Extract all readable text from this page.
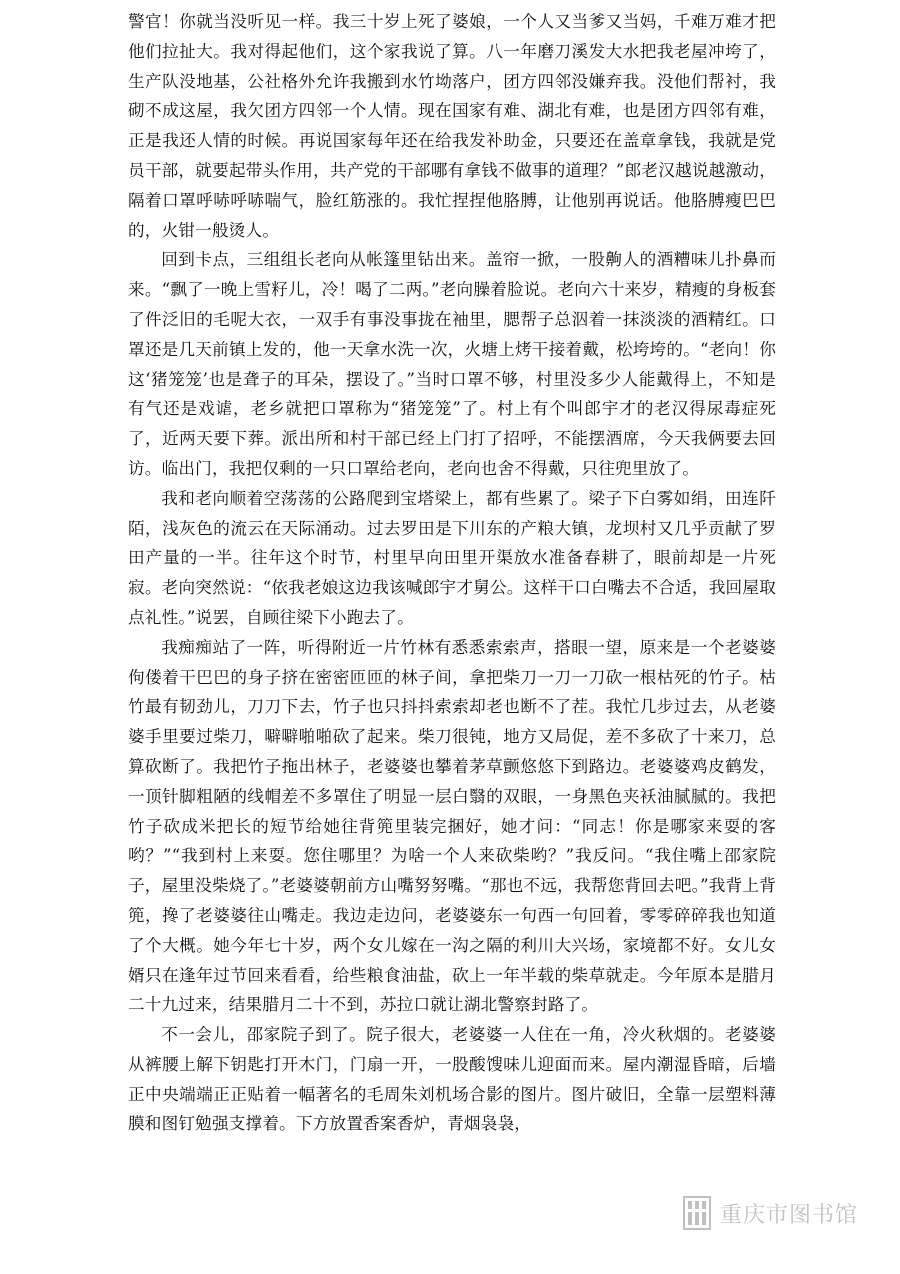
警官！你就当没听见一样。我三十岁上死了婆娘，一个人又当爹又当妈，千难万难才把他们拉扯大。我对得起他们，这个家我说了算。八一年磨刀溪发大水把我老屋冲垮了，生产队没地基，公社格外允许我搬到水竹坳落户，团方四邻没嫌弃我。没他们帮衬，我砌不成这屋，我欠团方四邻一个人情。现在国家有难、湖北有难，也是团方四邻有难，正是我还人情的时候。再说国家每年还在给我发补助金，只要还在盖章拿钱，我就是党员干部，就要起带头作用，共产党的干部哪有拿钱不做事的道理？”郎老汉越说越激动，隔着口罩呼哧呼哧喘气，脸红筋涨的。我忙捏捏他胳膊，让他别再说话。他胳膊瘦巴巴的，火钳一般烫人。

回到卡点，三组组长老向从帐篷里钻出来。盖帘一掀，一股齁人的酒糟味儿扑鼻而来。“飘了一晚上雪籽儿，冷！喝了二两。”老向臊着脸说。老向六十来岁，精瘦的身板套了件泛旧的毛呢大衣，一双手有事没事拢在袖里，腮帮子总泅着一抹淡淡的酒精红。口罩还是几天前镇上发的，他一天拿水洗一次，火塘上烤干接着戴，松垮垮的。“老向！你这‘猪笼笼’也是聋子的耳朵，摆设了。”当时口罩不够，村里没多少人能戴得上，不知是有气还是戏谑，老乡就把口罩称为“猪笼笼”了。村上有个叫郎宇才的老汉得尿毒症死了，近两天要下葬。派出所和村干部已经上门打了招呼，不能摆酒席，今天我俩要去回访。临出门，我把仅剩的一只口罩给老向，老向也舍不得戴，只往兜里放了。

我和老向顺着空荡荡的公路爬到宝塔梁上，都有些累了。梁子下白雾如绢，田连阡陌，浅灰色的流云在天际涌动。过去罗田是下川东的产粮大镇，龙坝村又几乎贡献了罗田产量的一半。往年这个时节，村里早向田里开渠放水准备春耕了，眼前却是一片死寂。老向突然说：“依我老娘这边我该喊郎宇才舅公。这样干口白嘴去不合适，我回屋取点礼性。”说罢，自顾往梁下小跑去了。

我痴痴站了一阵，听得附近一片竹林有悉悉索索声，搭眼一望，原来是一个老婆婆佝偻着干巴巴的身子挤在密密匝匝的林子间，拿把柴刀一刀一刀砍一根枯死的竹子。枯竹最有韧劲儿，刀刀下去，竹子也只抖抖索索却老也断不了茬。我忙几步过去，从老婆婆手里要过柴刀，噼噼啪啪砍了起来。柴刀很钝，地方又局促，差不多砍了十来刀，总算砍断了。我把竹子拖出林子，老婆婆也攀着茅草颤悠悠下到路边。老婆婆鸡皮鹤发，一顶针脚粗陋的线帽差不多罩住了明显一层白翳的双眼，一身黑色夹袄油腻腻的。我把竹子砍成米把长的短节给她往背篼里装完捆好，她才问：“同志！你是哪家来耍的客哟？”“我到村上来耍。您住哪里？为啥一个人来砍柴哟？”我反问。“我住嘴上邵家院子，屋里没柴烧了。”老婆婆朝前方山嘴努努嘴。“那也不远，我帮您背回去吧。”我背上背篼，搀了老婆婆往山嘴走。我边走边问，老婆婆东一句西一句回着，零零碎碎我也知道了个大概。她今年七十岁，两个女儿嫁在一沟之隔的利川大兴场，家境都不好。女儿女婿只在逢年过节回来看看，给些粮食油盐，砍上一年半载的柴草就走。今年原本是腊月二十九过来，结果腊月二十不到，苏拉口就让湖北警察封路了。

不一会儿，邵家院子到了。院子很大，老婆婆一人住在一角，冷火秋烟的。老婆婆从裤腰上解下钥匙打开木门，门扇一开，一股酸馊味儿迎面而来。屋内潮湿昏暗，后墙正中央端端正正贴着一幅著名的毛周朱刘机场合影的图片。图片破旧，全靠一层塑料薄膜和图钉勉强支撑着。下方放置香案香炉，青烟袅袅，

重庆市图书馆
